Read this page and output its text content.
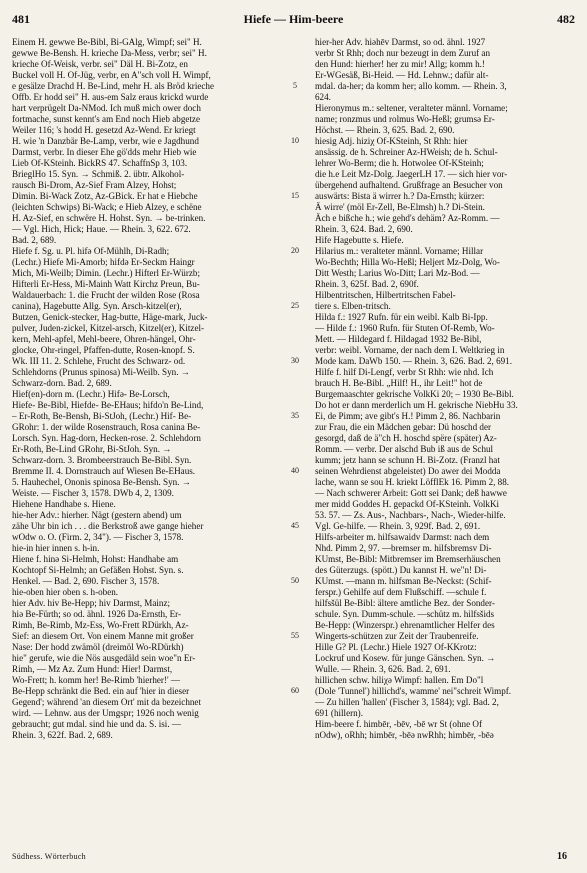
481	Hiefe — Him-beere	482

Einem H. gewwe Be-Bibl, Bi-GAlg, Wimpf; sei" H.

gewwe Be-Bensh. H. krieche Da-Mess, verbr; sei" H.

krieche Of-Weisk, verbr. sei" Däl H. Bi-Zotz, en

Buckel voll H. Of-Jüg, verbr, en A"sch voll H. Wimpf,

e gesälze Drachd H. Be-Lind, mehr H. als Bröd krieche

Offb. Er hodd sei" H. aus-em Salz eraus krickd wurde

hart verprügelt Da-NMod. Ich muß mich ower doch

fortmache, sunst kennt's am End noch Hieb abgetze

Weiler 116; 's hodd H. gesetzd Az-Wend. Er kriegt

H. wie 'n Danzbär Be-Lamp, verbr, wie e Jagdhund

Darmst, verbr. In dieser Ehe gö'dds mehr Hieb wie

Lieb Of-KSteinh. BickRS 47. SchaffnSp 3, 103.

BrieglHo 15. Syn. → Schmiß. 2. übtr. Alkohol-

rausch Bi-Drom, Az-Sief Fram Alzey, Hohst;

Dimin. Bi-Wack Zotz, Az-GBick. Er hat e Hiebche

(leichten Schwips) Bi-Wack; e Hieb Alzey, e schëne

H. Az-Sief, en schwëre H. Hohst. Syn. → be-trinken.

— Vgl. Hich, Hick; Haue. — Rhein. 3, 622. 672.

Bad. 2, 689.

Hiefe f. Sg. u. Pl. hifə Of-Mühlh, Di-Radh;

(Lechr.) Hiefe Mi-Amorb; hifdə Er-Seckm Haingr

Mich, Mi-Weilb; Dimin. (Lechr.) Hifterl Er-Würzb;

Hifterli Er-Hess, Mi-Mainh Watt Kirchz Preun, Bu-

Waldauerbach: 1. die Frucht der wilden Rose (Rosa

canina), Hagebutte Allg. Syn. Arsch-kitzel(er),

Butzen, Genick-stecker, Hag-butte, Häge-mark, Juck-

pulver, Juden-zickel, Kitzel-arsch, Kitzel(er), Kitzel-

kern, Mehl-apfel, Mehl-beere, Ohren-hängel, Ohr-

glocke, Ohr-ringel, Pfaffen-dutte, Rosen-knopf. S.

Wk. III 11. 2. Schlehe, Frucht des Schwarz- od.

Schlehdorns (Prunus spinosa) Mi-Weilb. Syn. →

Schwarz-dorn. Bad. 2, 689.

Hief(en)-dorn m. (Lechr.) Hifə- Be-Lorsch,

Hiefe- Be-Bibl, Hiefde- Be-EHaus; hifdo'n Be-Lind,

– Er-Roth, Be-Bensh, Bi-StJoh, (Lechr.) Hif- Be-

GRohr: 1. der wilde Rosenstrauch, Rosa canina Be-

Lorsch. Syn. Hag-dorn, Hecken-rose. 2. Schlehdorn

Er-Roth, Be-Lind GRohr, Bi-StJoh. Syn. →

Schwarz-dorn. 3. Brombeerstrauch Be-Bibl. Syn.

Bremme II. 4. Dornstrauch auf Wiesen Be-EHaus.

5. Hauhechel, Ononis spinosa Be-Bensh. Syn. →

Weiste. — Fischer 3, 1578. DWb 4, 2, 1309.

Hiehene Handhabe s. Hiene.

hie-her Adv.: hierher. Nägt (gestern abend) um

zähe Uhr bin ich . . . die Berkstroß awe gange hieher

wOdw o. O. (Firm. 2, 34"). — Fischer 3, 1578.

hie-in hier innen s. h-in.

Hiene f. hinə Si-Helmh, Hohst: Handhabe am

Kochtopf Si-Helmh; an Gefäßen Hohst. Syn. s.

Henkel. — Bad. 2, 690. Fischer 3, 1578.

hie-oben hier oben s. h-oben.

hier Adv. hiv Be-Hepp; hiv Darmst, Mainz;

hiə Be-Fürth; so od. ähnl. 1926 Da-Ernsth, Er-

Rimh, Be-Rimb, Mz-Ess, Wo-Frett RDürkh, Az-

Sief: an diesem Ort. Von einem Manne mit großer

Nase: Der hodd zwämöl (dreimöl Wo-RDürkh)

hie" gerufe, wie die Nös ausgedäld sein woe"n Er-

Rimh, — Mz Az. Zum Hund: Hier! Darmst,

Wo-Frett; h. komm her! Be-Rimb 'hierher!' —

Be-Hepp schränkt die Bed. ein auf 'hier in dieser

Gegend'; während 'an diesem Ort' mit da bezeichnet

wird. — Lehnw. aus der Umgspr; 1926 noch wenig

gebraucht; gut mdal. sind hie und da. S. isi. —

Rhein. 3, 622f. Bad. 2, 689.

5
10
15
20
25
30
35
40
45
50
55
60

hier-her Adv. hiəhēv Darmst, so od. ähnl. 1927

verbr St Rhh; doch nur bezeugt in dem Zuruf an

den Hund: hierher! her zu mir! Allg; komm h.!

Er-WGesäß, Bi-Heid. — Hd. Lehnw.; dafür alt-

mdal. da-her; da komm her; allo komm. — Rhein. 3,

624.

Hieronymus m.: seltener, veralteter männl. Vorname;

name; ronzmus und rolmus Wo-Heßl; grumsə Er-

Höchst. — Rhein. 3, 625. Bad. 2, 690.

hiesig Adj. hiziχ Of-KSteinh, St Rhh: hier

ansässig. de h. Schreiner Az-HWeish; de h. Schul-

lehrer Wo-Berm; die h. Hotwolee Of-KSteinh;

die h.e Leit Mz-Dolg. JaegerLH 17. — sich hier vor-

übergehend aufhaltend. Grußfrage an Besucher von

auswärts: Bista ä wirrer h.? Da-Ernsth; kürzer:

Ä wirre' (möl Er-Zell, Be-Elmsh) h.? Di-Stein.

Äch e bißche h.; wie gehd's dehäm? Az-Romm. —

Rhein. 3, 624. Bad. 2, 690.

Hife Hagebutte s. Hiefe.

Hilarius m.: veralteter männl. Vorname; Hillar

Wo-Bechth; Hilla Wo-Heßl; Heljert Mz-Dolg, Wo-

Ditt Westh; Larius Wo-Ditt; Lari Mz-Bod. —

Rhein. 3, 625f. Bad. 2, 690f.

Hilbentritschen, Hilbertritschen Fabel-

tiere s. Elben-tritsch.

Hilda f.: 1927 Rufn. für ein weibl. Kalb Bi-Ipp.

— Hilde f.: 1960 Rufn. für Stuten Of-Remb, Wo-

Mett. — Hildegard f. Hildəgad 1932 Be-Bibl,

verbr: weibl. Vorname, der nach dem I. Weltkrieg in

Mode kam. DaWb 150. — Rhein. 3, 626. Bad. 2, 691.

Hilfe f. hilf Di-Lengf, verbr St Rhh: wie nhd. Ich

brauch H. Be-Bibl. „Hilf! H., ihr Leit!" hot de

Burgemaaschter gekrische VolkKi 20; – 1930 Be-Bibl.

Do hot er dann merderlich um H. gekrische NiebHu 33.

Ei, de Pimm; ave gibt's H.! Pimm 2, 86. Nachbarin

zur Frau, die ein Mädchen gebar: Dü hoschd der

gesorgd, daß de ä"ch H. hoschd spëre (später) Az-

Romm. — verbr. Der alschd Bub iß aus de Schul

kumm; jetz hann se schunn H. Bi-Zotz. (Franzl hat

seinen Wehrdienst abgeleistet) Do awer dei Modda

lache, wann se sou H. kriekt LöfflEk 16. Pimm 2, 88.

— Nach schwerer Arbeit: Gott sei Dank; deß hawwe

mer midd Goddes H. gepackd Of-KSteinh. VolkKi

53. 57. — Zs. Aus-, Nachbars-, Nach-, Wieder-hilfe.

Vgl. Ge-hilfe. — Rhein. 3, 929f. Bad. 2, 691.

Hilfs-arbeiter m. hilfsawaidv Darmst: nach dem

Nhd. Pimm 2, 97. —bremser m. hilfsbremsv Di-

KUmst, Be-Bibl: Mitbremser im Bremserhäuschen

des Güterzugs. (spött.) Du kannst H. we"n! Di-

KUmst. —mann m. hilfsman Be-Neckst: (Schif-

ferspr.) Gehilfe auf dem Flußschiff. —schule f.

hilfsšül Be-Bibl: ältere amtliche Bez. der Sonder-

schule. Syn. Dumm-schule. —schütz m. hilfsšids

Be-Hepp: (Winzerspr.) ehrenamtlicher Helfer des

Wingerts-schützen zur Zeit der Traubenreife.

Hille G? Pl. (Lechr.) Hiele 1927 Of-KKrotz:

Lockruf und Kosew. für junge Gänschen. Syn. →

Wulle. — Rhein. 3, 626. Bad. 2, 691.

hillichen schw. hiliχə Wimpf: hallen. Em Do"l

(Dole 'Tunnel') hillichd's, wamme' nei"schreit Wimpf.

— Zu hillen 'hallen' (Fischer 3, 1584); vgl. Bad. 2,

691 (hillern).

Him-beere f. himbēr, -bēv, -bē wr St (ohne Of

nOdw), oRhh; himbēr, -bēə nwRhh; himbēr, -bēə

Südhess. Wörterbuch	16
